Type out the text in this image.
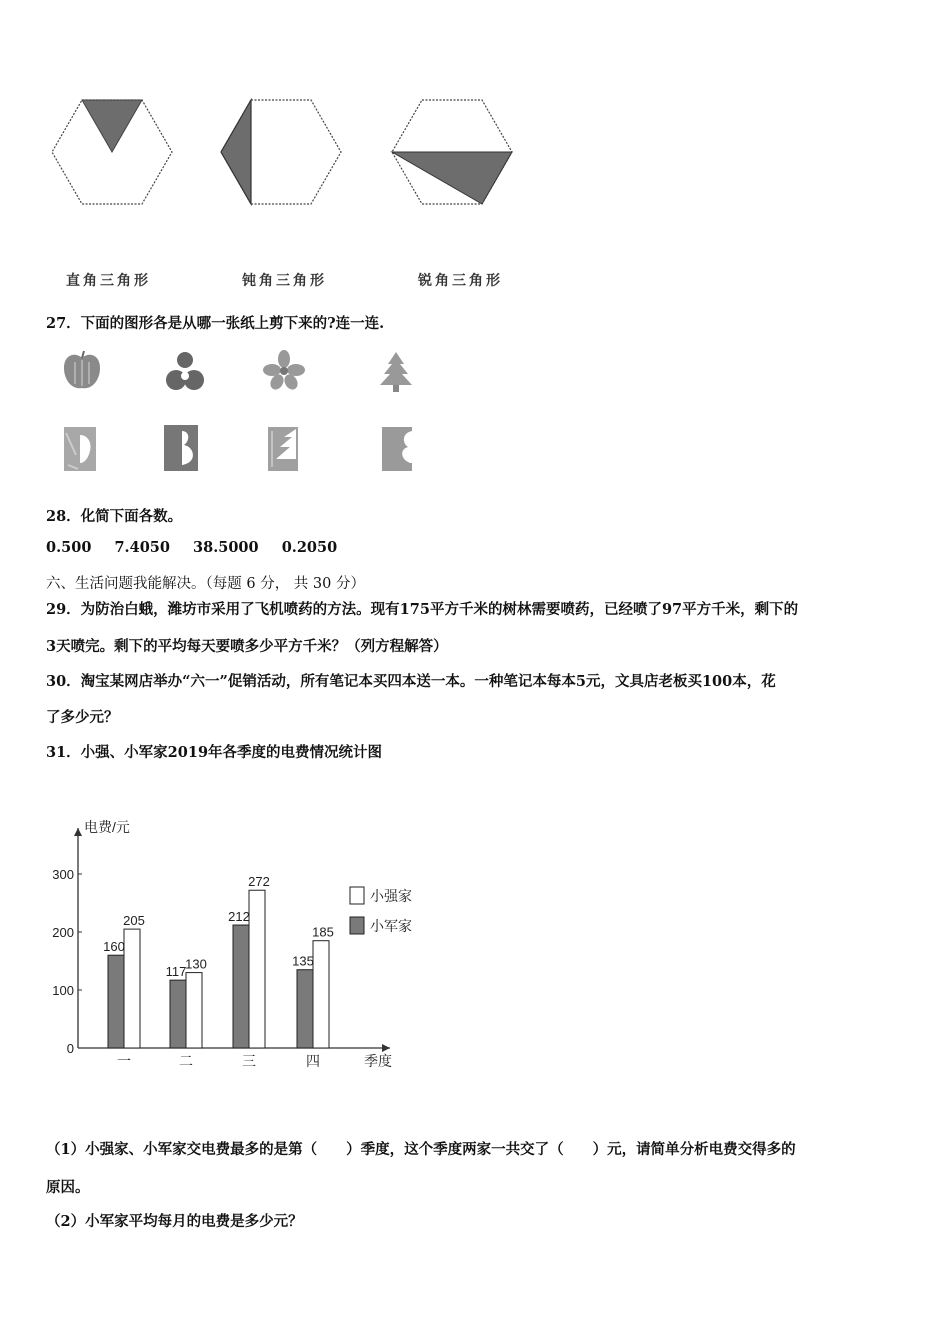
直角三角形	钝角三角形	锐角三角形
27．下面的图形各是从哪一张纸上剪下来的?连一连.
28．化简下面各数。
0.500 7.4050 38.5000 0.2050
六、生活问题我能解决。（每题 6 分， 共 30 分）
29．为防治白蛾，潍坊市采用了飞机喷药的方法。现有175平方千米的树林需要喷药，已经喷了97平方千米，剩下的
3天喷完。剩下的平均每天要喷多少平方千米？（列方程解答）
30．淘宝某网店举办“六一”促销活动，所有笔记本买四本送一本。一种笔记本每本5元，文具店老板买100本，花
了多少元？
31．小强、小军家2019年各季度的电费情况统计图
电费/元
季度
0
100
200
300
160
205
一
117
130
二
212
272
三
135
185
四
小强家
小军家
（1）小强家、小军家交电费最多的是第（　　）季度，这个季度两家一共交了（　　）元，请简单分析电费交得多的
原因。
（2）小军家平均每月的电费是多少元？
